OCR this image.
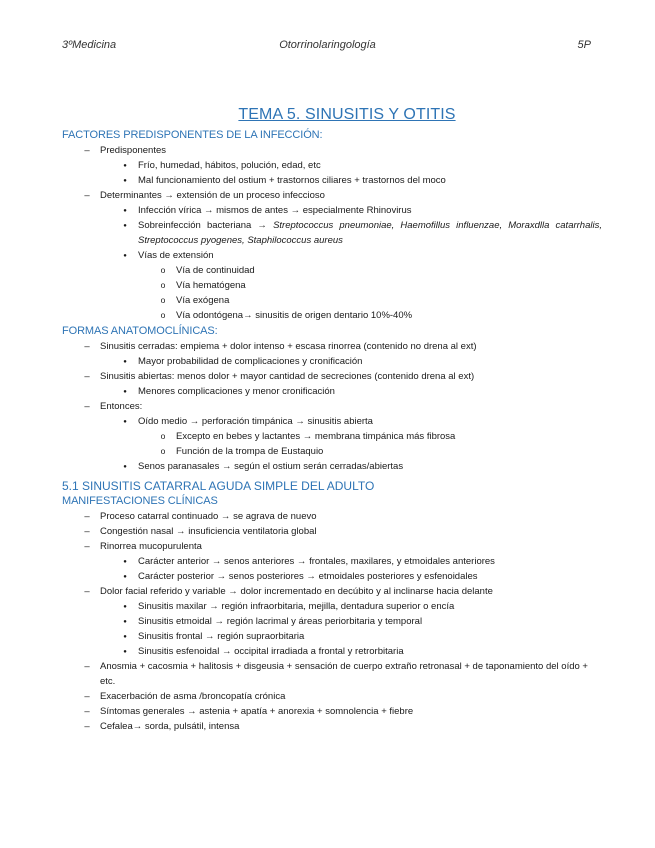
3ºMedicina	Otorrinolaringología	5P
TEMA 5. SINUSITIS Y OTITIS
FACTORES PREDISPONENTES DE LA INFECCIÓN:
–
Predisponentes
●
Frío, humedad, hábitos, polución, edad, etc
●
Mal funcionamiento del ostium + trastornos ciliares + trastornos del moco
–
Determinantes → extensión de un proceso infeccioso
●
Infección vírica → mismos de antes → especialmente Rhinovirus
●
Sobreinfección bacteriana → Streptococcus pneumoniae, Haemofillus influenzae, Moraxdlla catarrhalis, Streptococcus pyogenes, Staphilococcus aureus
●
Vías de extensión
o
Vía de continuidad
o
Vía hematógena
o
Vía exógena
o
Vía odontógena→ sinusitis de origen dentario 10%-40%
FORMAS ANATOMOCLÍNICAS:
–
Sinusitis cerradas: empiema + dolor intenso + escasa rinorrea (contenido no drena al ext)
●
Mayor probabilidad de complicaciones y cronificación
–
Sinusitis abiertas: menos dolor + mayor cantidad de secreciones (contenido drena al ext)
●
Menores complicaciones y menor cronificación
–
Entonces:
●
Oído medio → perforación timpánica → sinusitis abierta
o
Excepto en bebes y lactantes → membrana timpánica más fibrosa
o
Función de la trompa de Eustaquio
●
Senos paranasales → según el ostium serán cerradas/abiertas
5.1 SINUSITIS CATARRAL AGUDA SIMPLE DEL ADULTO
MANIFESTACIONES CLÍNICAS
–
Proceso catarral continuado → se agrava de nuevo
–
Congestión nasal → insuficiencia ventilatoria global
–
Rinorrea mucopurulenta
●
Carácter anterior → senos anteriores → frontales, maxilares, y etmoidales anteriores
●
Carácter posterior → senos posteriores → etmoidales posteriores y esfenoidales
–
Dolor facial referido y variable → dolor incrementado en decúbito y al inclinarse hacia delante
●
Sinusitis maxilar → región infraorbitaria, mejilla, dentadura superior o encía
●
Sinusitis etmoidal → región lacrimal y áreas periorbitaria y temporal
●
Sinusitis frontal → región supraorbitaria
●
Sinusitis esfenoidal → occipital irradiada a frontal y retrorbitaria
–
Anosmia + cacosmia + halitosis + disgeusia + sensación de cuerpo extraño retronasal + de taponamiento del oído + etc.
–
Exacerbación de asma /broncopatía crónica
–
Síntomas generales → astenia + apatía + anorexia + somnolencia + fiebre
–
Cefalea→ sorda, pulsátil, intensa
